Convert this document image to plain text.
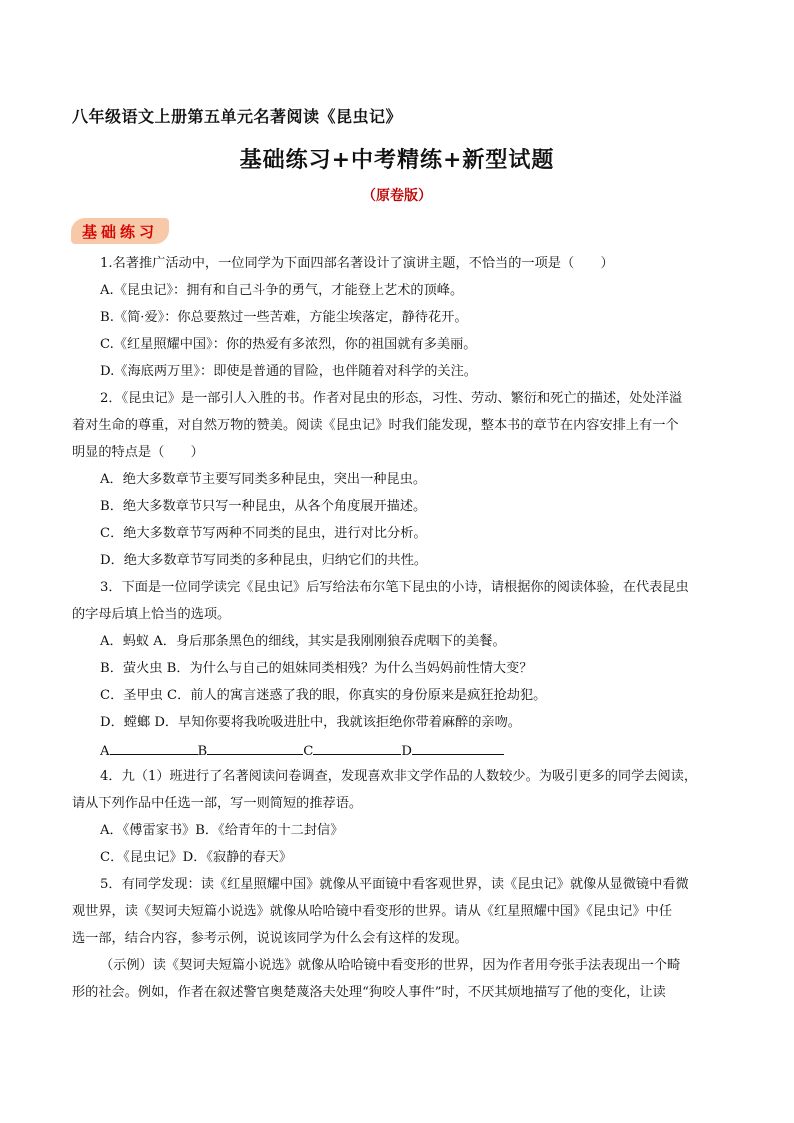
八年级语文上册第五单元名著阅读《昆虫记》
基础练习+中考精练+新型试题
（原卷版）
基础练习
1.名著推广活动中，一位同学为下面四部名著设计了演讲主题，不恰当的一项是（　　）
A.《昆虫记》：拥有和自己斗争的勇气，才能登上艺术的顶峰。
B.《简·爱》：你总要熬过一些苦难，方能尘埃落定，静待花开。
C.《红星照耀中国》：你的热爱有多浓烈，你的祖国就有多美丽。
D.《海底两万里》：即使是普通的冒险，也伴随着对科学的关注。
2．《昆虫记》是一部引人入胜的书。作者对昆虫的形态，习性、劳动、繁衍和死亡的描述，处处洋溢
着对生命的尊重，对自然万物的赞美。阅读《昆虫记》时我们能发现，整本书的章节在内容安排上有一个
明显的特点是（　　）
A．绝大多数章节主要写同类多种昆虫，突出一种昆虫。
B．绝大多数章节只写一种昆虫，从各个角度展开描述。
C．绝大多数章节写两种不同类的昆虫，进行对比分析。
D．绝大多数章节写同类的多种昆虫，归纳它们的共性。
3．下面是一位同学读完《昆虫记》后写给法布尔笔下昆虫的小诗，请根据你的阅读体验，在代表昆虫
的字母后填上恰当的选项。
A．蚂蚁 A．身后那条黑色的细线，其实是我刚刚狼吞虎咽下的美餐。
B．萤火虫 B．为什么与自己的姐妹同类相残？为什么当妈妈前性情大变？
C．圣甲虫 C．前人的寓言迷惑了我的眼，你真实的身份原来是疯狂抢劫犯。
D．螳螂 D．早知你要将我吮吸进肚中，我就该拒绝你带着麻醉的亲吻。
A	B	C	D
4．九（1）班进行了名著阅读问卷调查，发现喜欢非文学作品的人数较少。为吸引更多的同学去阅读，
请从下列作品中任选一部，写一则简短的推荐语。
A．《傅雷家书》B．《给青年的十二封信》
C．《昆虫记》D．《寂静的春天》
5．有同学发现：读《红星照耀中国》就像从平面镜中看客观世界，读《昆虫记》就像从显微镜中看微
观世界，读《契诃夫短篇小说选》就像从哈哈镜中看变形的世界。请从《红星照耀中国》《昆虫记》中任
选一部，结合内容，参考示例，说说该同学为什么会有这样的发现。
（示例）读《契诃夫短篇小说选》就像从哈哈镜中看变形的世界，因为作者用夸张手法表现出一个畸
形的社会。例如，作者在叙述警官奥楚蔑洛夫处理“狗咬人事件”时，不厌其烦地描写了他的变化，让读
